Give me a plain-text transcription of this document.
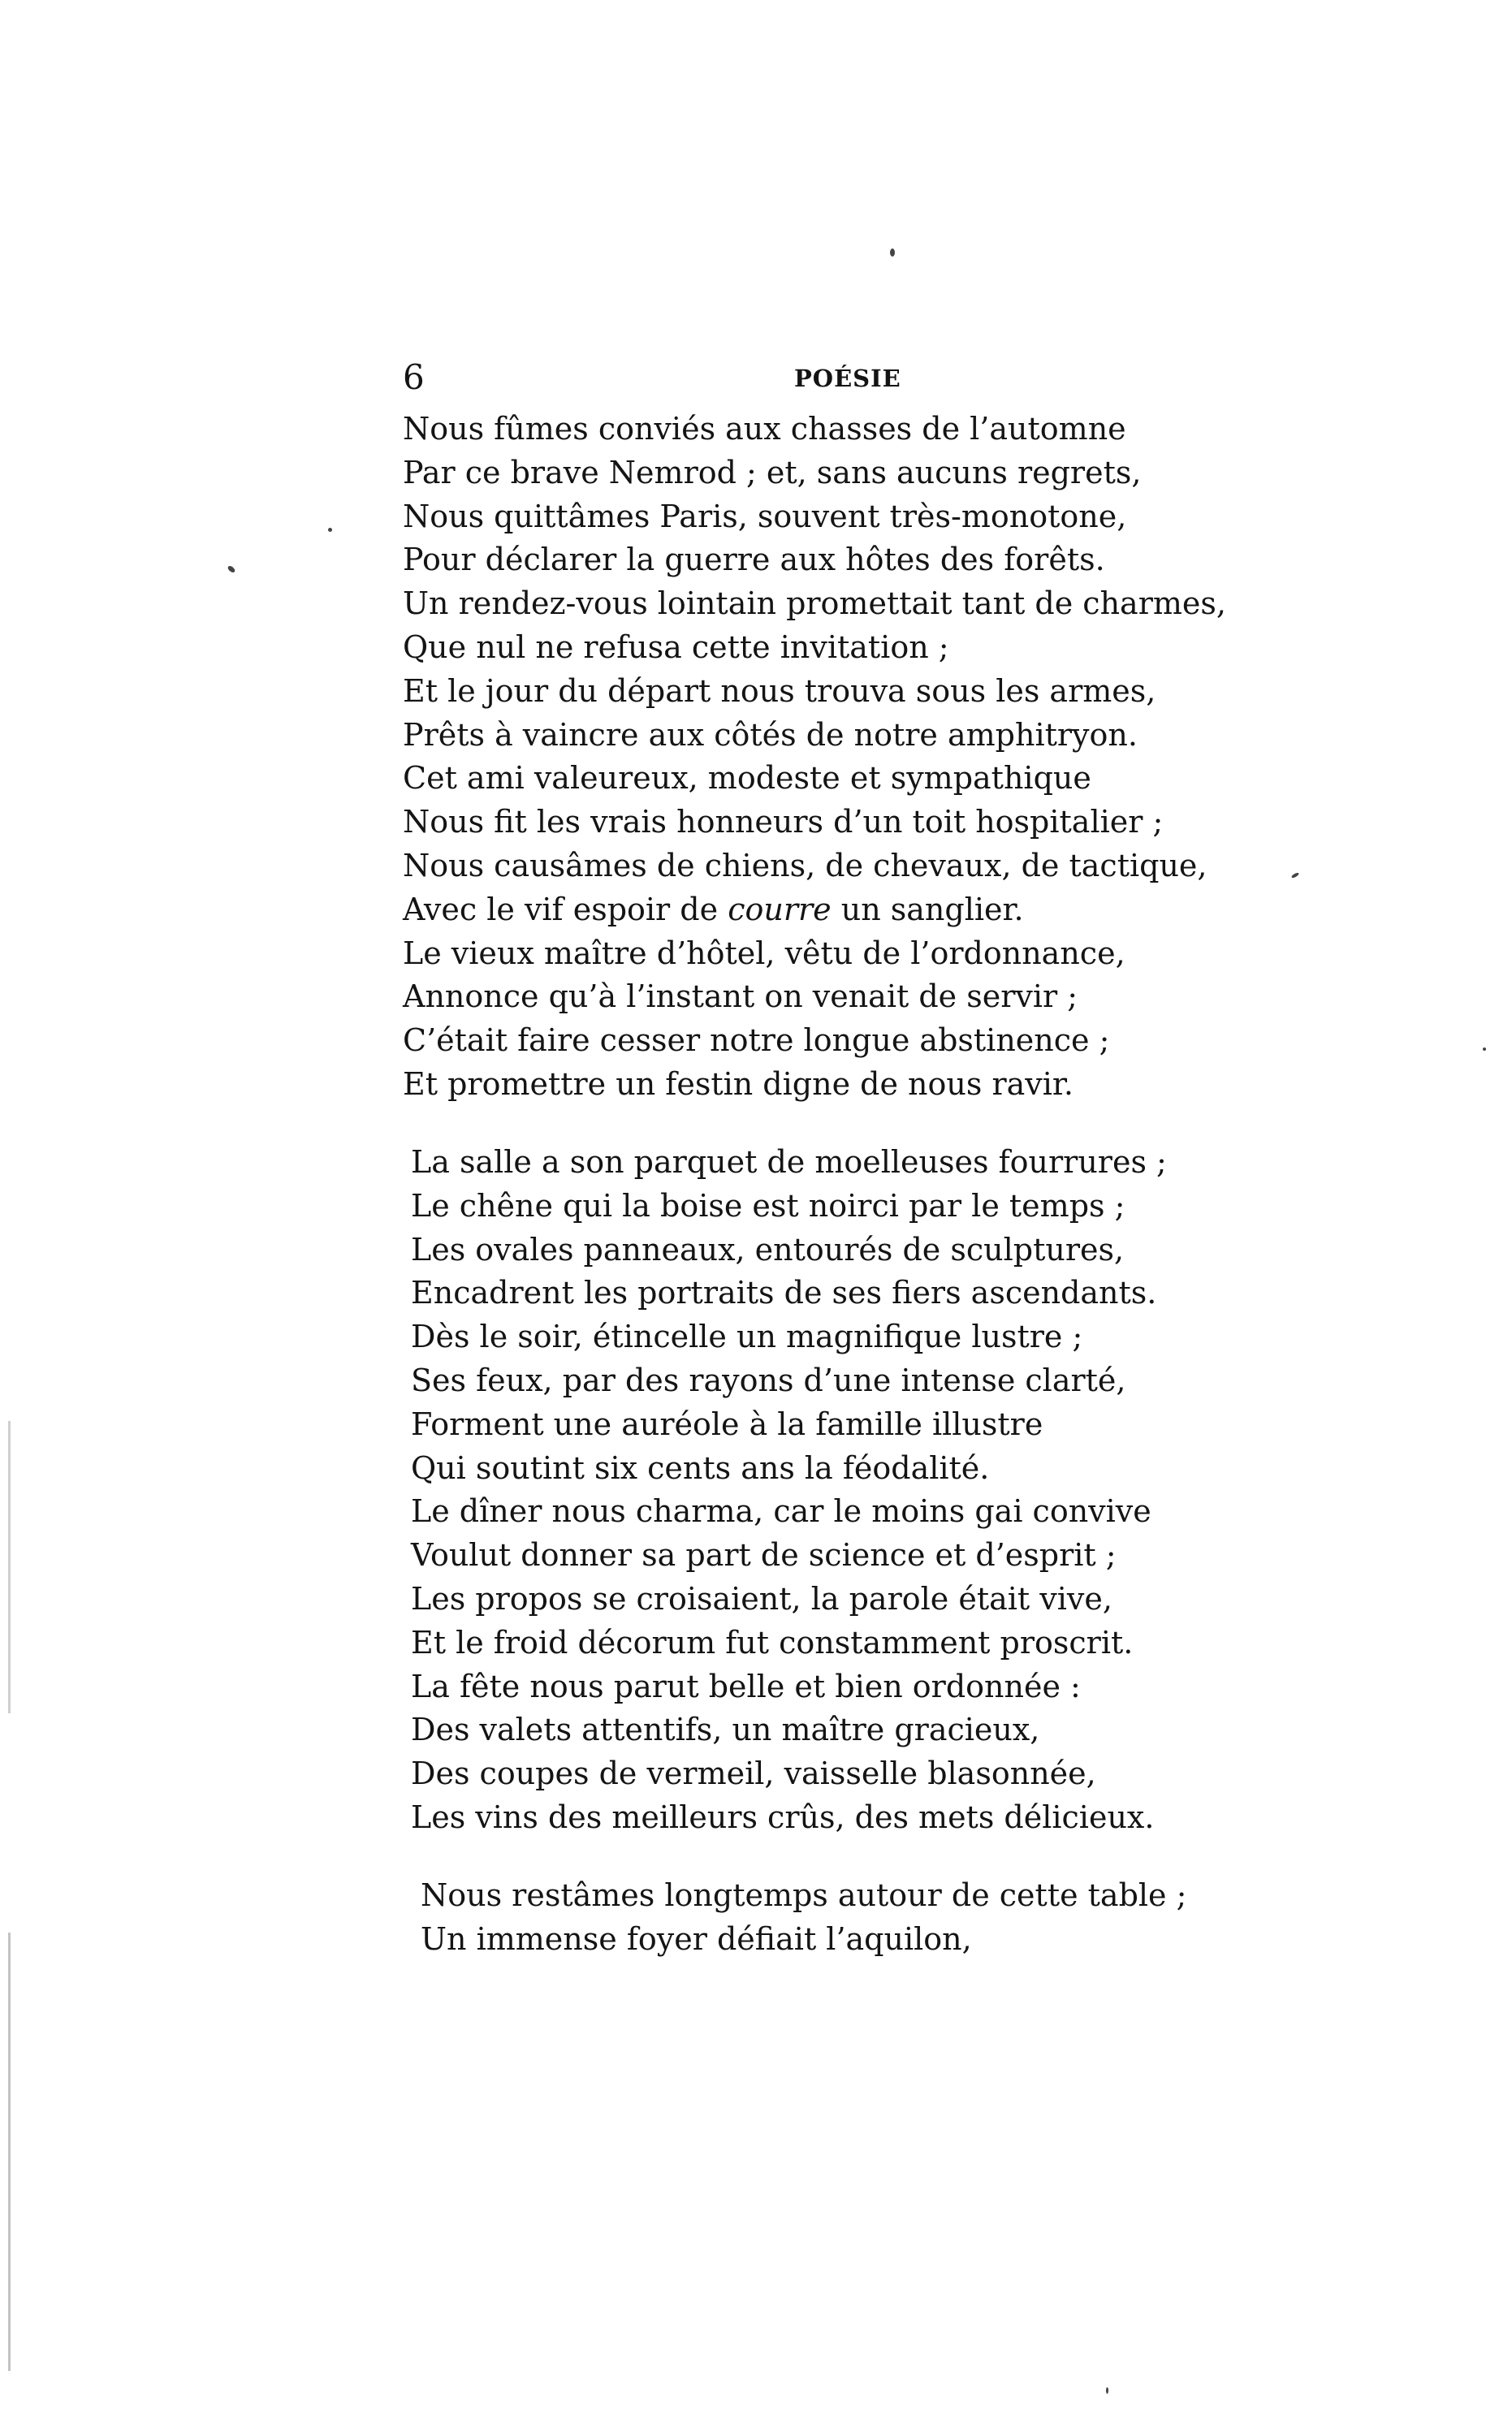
6	POÉSIE
Nous fûmes conviés aux chasses de l’automne
Par ce brave Nemrod ; et, sans aucuns regrets,
Nous quittâmes Paris, souvent très-monotone,
Pour déclarer la guerre aux hôtes des forêts.
Un rendez-vous lointain promettait tant de charmes,
Que nul ne refusa cette invitation ;
Et le jour du départ nous trouva sous les armes,
Prêts à vaincre aux côtés de notre amphitryon.
Cet ami valeureux, modeste et sympathique
Nous fit les vrais honneurs d’un toit hospitalier ;
Nous causâmes de chiens, de chevaux, de tactique,
Avec le vif espoir de courre un sanglier.
Le vieux maître d’hôtel, vêtu de l’ordonnance,
Annonce qu’à l’instant on venait de servir ;
C’était faire cesser notre longue abstinence ;
Et promettre un festin digne de nous ravir.
La salle a son parquet de moelleuses fourrures ;
Le chêne qui la boise est noirci par le temps ;
Les ovales panneaux, entourés de sculptures,
Encadrent les portraits de ses fiers ascendants.
Dès le soir, étincelle un magnifique lustre ;
Ses feux, par des rayons d’une intense clarté,
Forment une auréole à la famille illustre
Qui soutint six cents ans la féodalité.
Le dîner nous charma, car le moins gai convive
Voulut donner sa part de science et d’esprit ;
Les propos se croisaient, la parole était vive,
Et le froid décorum fut constamment proscrit.
La fête nous parut belle et bien ordonnée :
Des valets attentifs, un maître gracieux,
Des coupes de vermeil, vaisselle blasonnée,
Les vins des meilleurs crûs, des mets délicieux.
Nous restâmes longtemps autour de cette table ;
Un immense foyer défiait l’aquilon,
